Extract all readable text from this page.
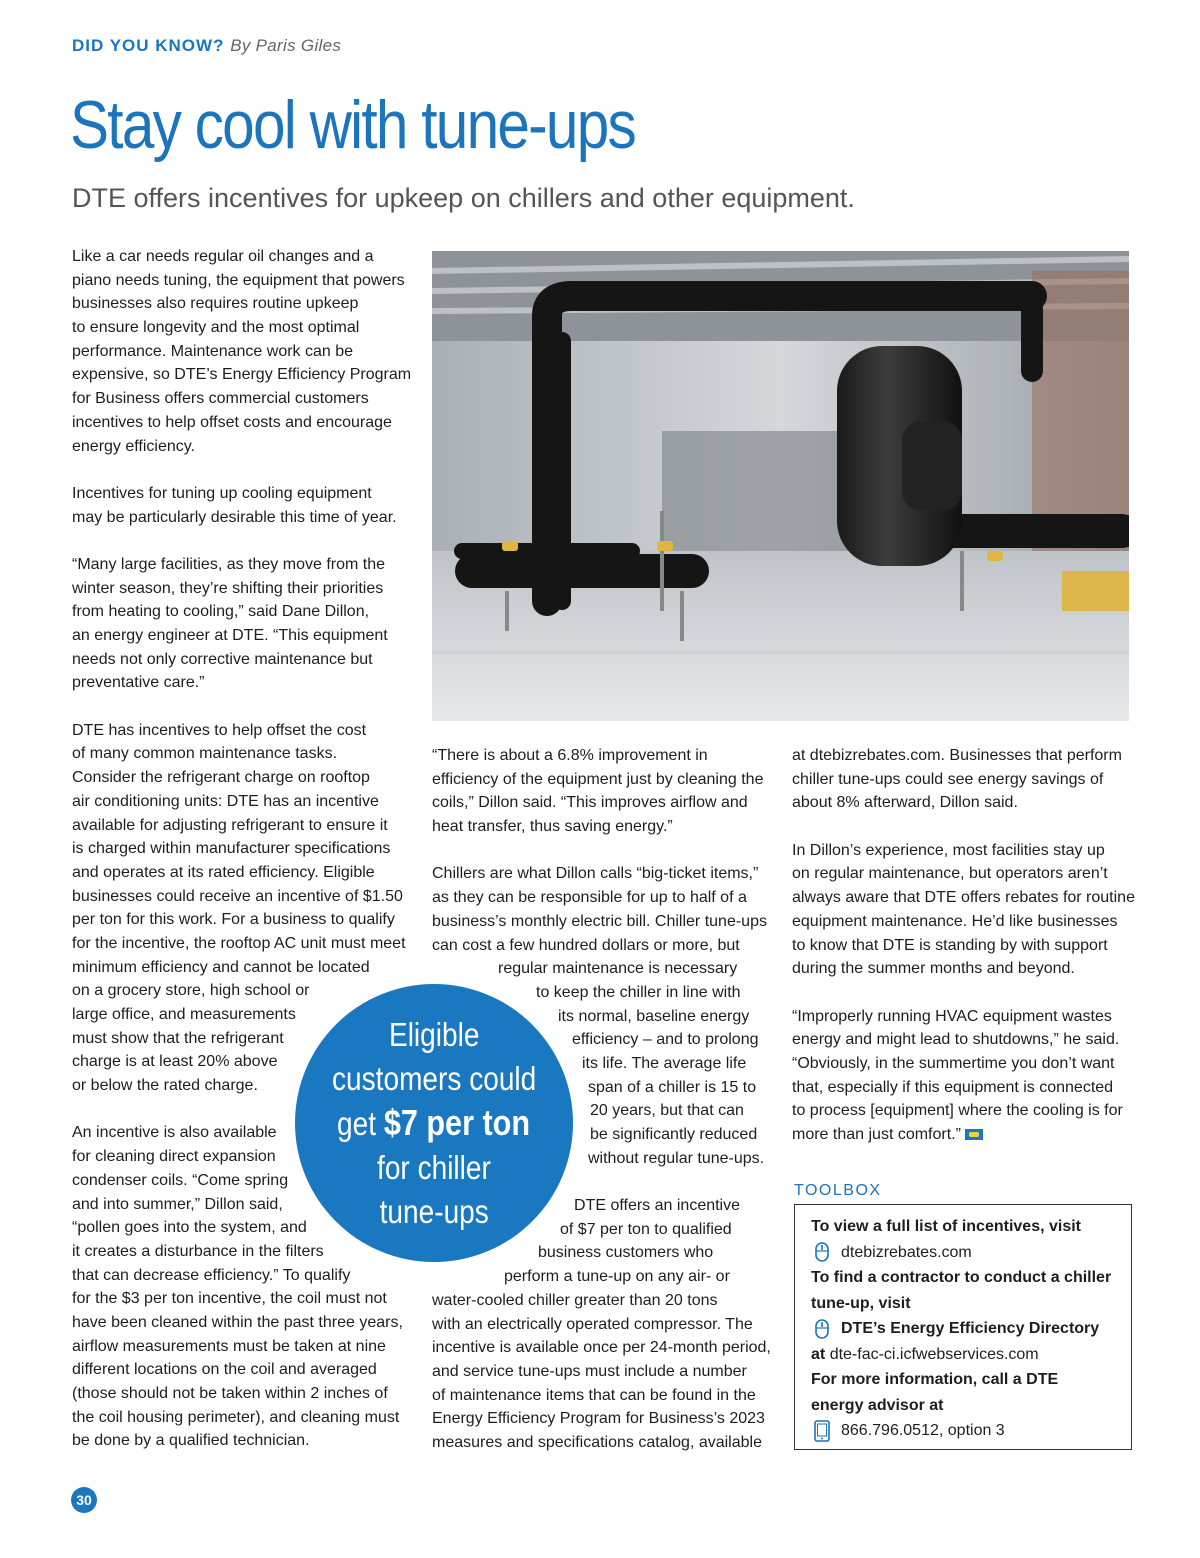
DID YOU KNOW? By Paris Giles
Stay cool with tune-ups
DTE offers incentives for upkeep on chillers and other equipment.
Like a car needs regular oil changes and a
piano needs tuning, the equipment that powers
businesses also requires routine upkeep
to ensure longevity and the most optimal
performance. Maintenance work can be
expensive, so DTE’s Energy Efficiency Program
for Business offers commercial customers
incentives to help offset costs and encourage
energy efficiency.
Incentives for tuning up cooling equipment
may be particularly desirable this time of year.
“Many large facilities, as they move from the
winter season, they’re shifting their priorities
from heating to cooling,” said Dane Dillon,
an energy engineer at DTE. “This equipment
needs not only corrective maintenance but
preventative care.”
DTE has incentives to help offset the cost
of many common maintenance tasks.
Consider the refrigerant charge on rooftop
air conditioning units: DTE has an incentive
available for adjusting refrigerant to ensure it
is charged within manufacturer specifications
and operates at its rated efficiency. Eligible
businesses could receive an incentive of $1.50
per ton for this work. For a business to qualify
for the incentive, the rooftop AC unit must meet
minimum efficiency and cannot be located
on a grocery store, high school or
large office, and measurements
must show that the refrigerant
charge is at least 20% above
or below the rated charge.
An incentive is also available
for cleaning direct expansion
condenser coils. “Come spring
and into summer,” Dillon said,
“pollen goes into the system, and
it creates a disturbance in the filters
that can decrease efficiency.” To qualify
for the $3 per ton incentive, the coil must not
have been cleaned within the past three years,
airflow measurements must be taken at nine
different locations on the coil and averaged
(those should not be taken within 2 inches of
the coil housing perimeter), and cleaning must
be done by a qualified technician.
“There is about a 6.8% improvement in
efficiency of the equipment just by cleaning the
coils,” Dillon said. “This improves airflow and
heat transfer, thus saving energy.”
Chillers are what Dillon calls “big-ticket items,”
as they can be responsible for up to half of a
business’s monthly electric bill. Chiller tune-ups
can cost a few hundred dollars or more, but
regular maintenance is necessary
to keep the chiller in line with
its normal, baseline energy
efficiency – and to prolong
its life. The average life
span of a chiller is 15 to
20 years, but that can
be significantly reduced
without regular tune-ups.
DTE offers an incentive
of $7 per ton to qualified
business customers who
perform a tune-up on any air- or
water-cooled chiller greater than 20 tons
with an electrically operated compressor. The
incentive is available once per 24-month period,
and service tune-ups must include a number
of maintenance items that can be found in the
Energy Efficiency Program for Business’s 2023
measures and specifications catalog, available
at dtebizrebates.com. Businesses that perform
chiller tune-ups could see energy savings of
about 8% afterward, Dillon said.
In Dillon’s experience, most facilities stay up
on regular maintenance, but operators aren’t
always aware that DTE offers rebates for routine
equipment maintenance. He’d like businesses
to know that DTE is standing by with support
during the summer months and beyond.
“Improperly running HVAC equipment wastes
energy and might lead to shutdowns,” he said.
“Obviously, in the summertime you don’t want
that, especially if this equipment is connected
to process [equipment] where the cooling is for
more than just comfort.”
Eligible
customers could
get $7 per ton
for chiller
tune-ups
TOOLBOX
To view a full list of incentives, visit
dtebizrebates.com
To find a contractor to conduct a chiller
tune-up, visit
DTE’s Energy Efficiency Directory
at dte-fac-ci.icfwebservices.com
For more information, call a DTE
energy advisor at
866.796.0512, option 3
30
